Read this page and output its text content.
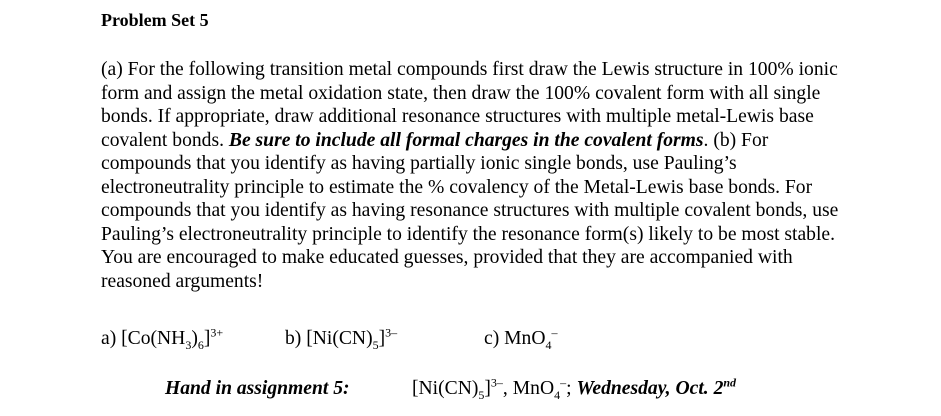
Problem Set 5

(a) For the following transition metal compounds first draw the Lewis structure in 100% ionic
form and assign the metal oxidation state, then draw the 100% covalent form with all single
bonds. If appropriate, draw additional resonance structures with multiple metal-Lewis base
covalent bonds. Be sure to include all formal charges in the covalent forms. (b) For
compounds that you identify as having partially ionic single bonds, use Pauling’s
electroneutrality principle to estimate the % covalency of the Metal-Lewis base bonds. For
compounds that you identify as having resonance structures with multiple covalent bonds, use
Pauling’s electroneutrality principle to identify the resonance form(s) likely to be most stable.
You are encouraged to make educated guesses, provided that they are accompanied with
reasoned arguments!

a) $[Co(NH_3)_6]^{3+}$	b) $[Ni(CN)_5]^{3-}$	c) MnO$_4$–
Hand in assignment 5:	$[Ni(CN)_5]^{3-}$, MnO$_4$–; Wednesday, Oct. 2nd
